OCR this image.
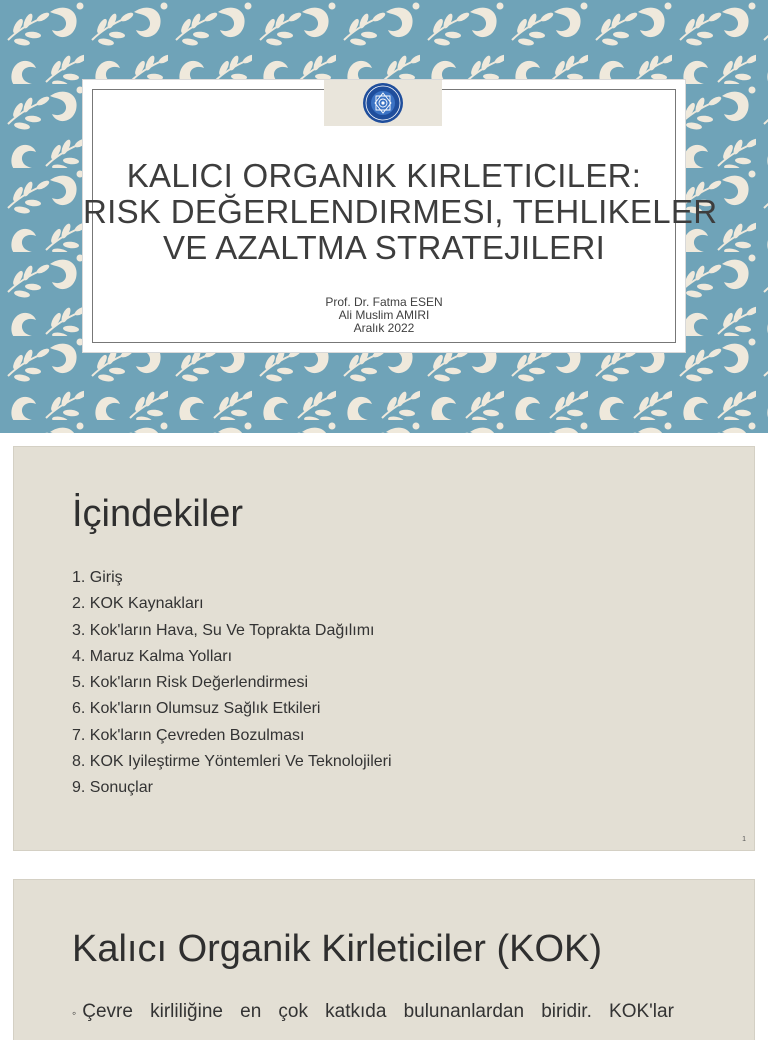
KALICI ORGANIK KIRLETICILER:
RISK DEĞERLENDIRMESI, TEHLIKELER
VE AZALTMA STRATEJILERI
Prof. Dr. Fatma ESEN
Ali Muslim AMIRI
Aralık 2022
İçindekiler
1. Giriş
2. KOK Kaynakları
3. Kok'ların Hava, Su Ve Toprakta Dağılımı
4. Maruz Kalma Yolları
5. Kok'ların Risk Değerlendirmesi
6. Kok'ların Olumsuz Sağlık Etkileri
7. Kok'ların Çevreden Bozulması
8. KOK Iyileştirme Yöntemleri Ve Teknolojileri
9. Sonuçlar
1
Kalıcı Organik Kirleticiler (KOK)
◦ Çevre kirliliğine en çok katkıda bulunanlardan biridir. KOK'lar
